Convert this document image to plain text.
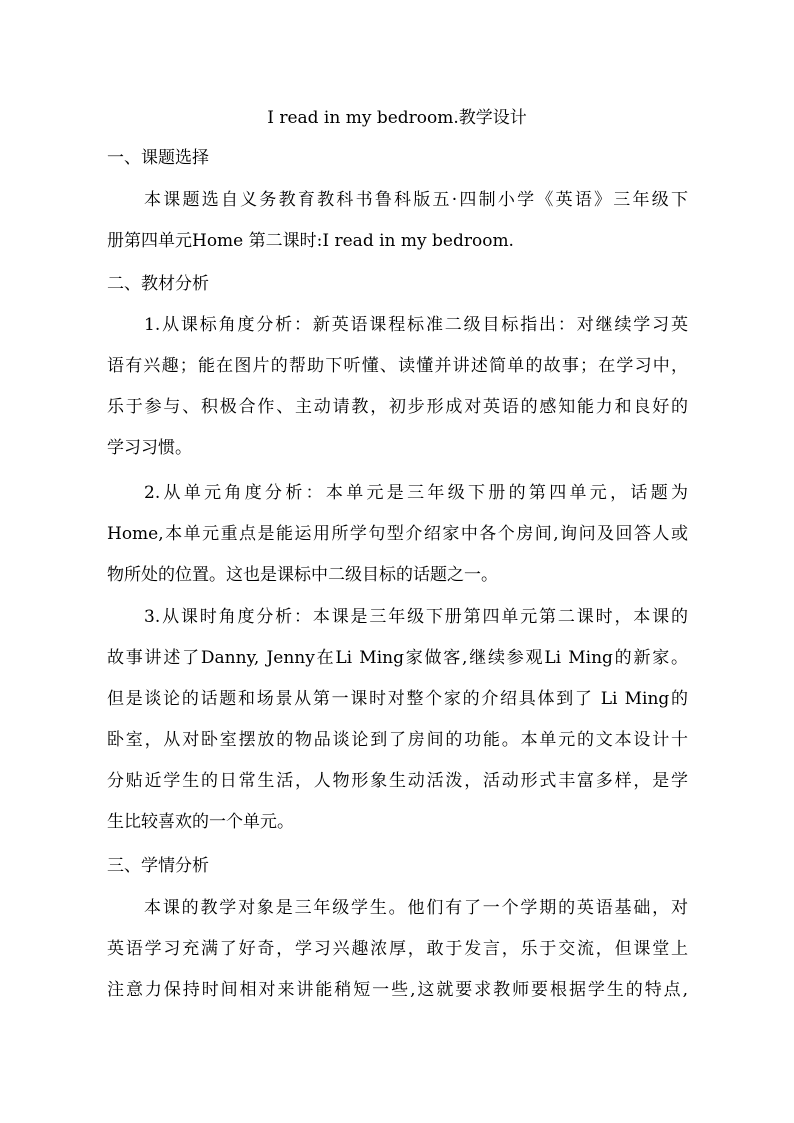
I read in my bedroom.教学设计
一、课题选择
本课题选自义务教育教科书鲁科版五·四制小学《英语》三年级下
册第四单元Home 第二课时:I read in my bedroom.
二、教材分析
1.从课标角度分析：新英语课程标准二级目标指出：对继续学习英
语有兴趣；能在图片的帮助下听懂、读懂并讲述简单的故事；在学习中，
乐于参与、积极合作、主动请教，初步形成对英语的感知能力和良好的
学习习惯。
2.从单元角度分析：本单元是三年级下册的第四单元，话题为
Home,本单元重点是能运用所学句型介绍家中各个房间,询问及回答人或
物所处的位置。这也是课标中二级目标的话题之一。
3.从课时角度分析：本课是三年级下册第四单元第二课时，本课的
故事讲述了Danny, Jenny在Li Ming家做客,继续参观Li Ming的新家。
但是谈论的话题和场景从第一课时对整个家的介绍具体到了 Li Ming的
卧室，从对卧室摆放的物品谈论到了房间的功能。本单元的文本设计十
分贴近学生的日常生活，人物形象生动活泼，活动形式丰富多样，是学
生比较喜欢的一个单元。
三、学情分析
本课的教学对象是三年级学生。他们有了一个学期的英语基础，对
英语学习充满了好奇，学习兴趣浓厚，敢于发言，乐于交流，但课堂上
注意力保持时间相对来讲能稍短一些,这就要求教师要根据学生的特点,
